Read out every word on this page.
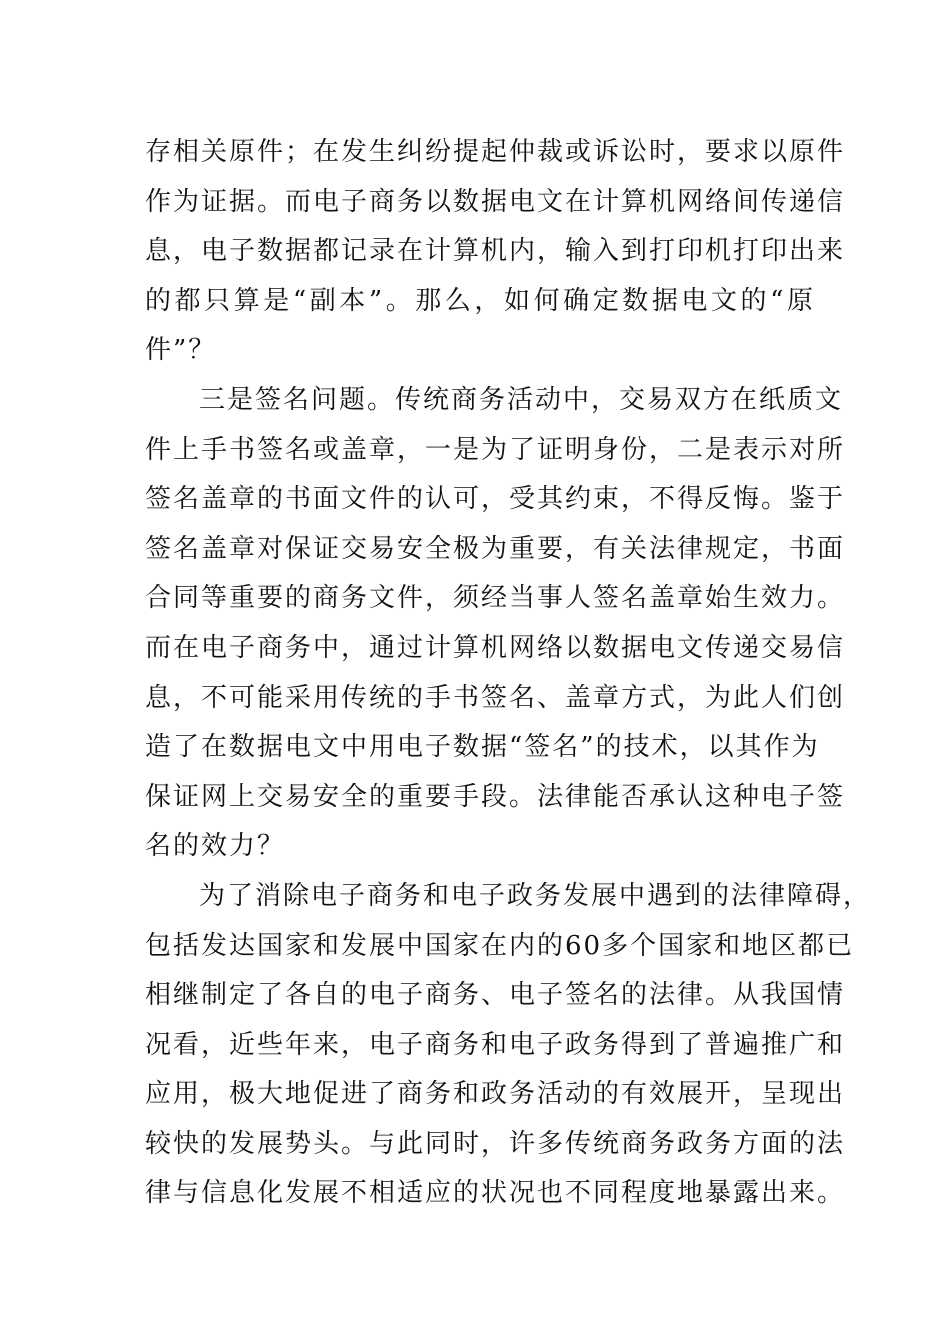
存相关原件；在发生纠纷提起仲裁或诉讼时，要求以原件
作为证据。而电子商务以数据电文在计算机网络间传递信
息，电子数据都记录在计算机内，输入到打印机打印出来
的都只算是“副本”。那么，如何确定数据电文的“原
件”？
三是签名问题。传统商务活动中，交易双方在纸质文
件上手书签名或盖章，一是为了证明身份，二是表示对所
签名盖章的书面文件的认可，受其约束，不得反悔。鉴于
签名盖章对保证交易安全极为重要，有关法律规定，书面
合同等重要的商务文件，须经当事人签名盖章始生效力。
而在电子商务中，通过计算机网络以数据电文传递交易信
息，不可能采用传统的手书签名、盖章方式，为此人们创
造了在数据电文中用电子数据“签名”的技术，以其作为
保证网上交易安全的重要手段。法律能否承认这种电子签
名的效力？
为了消除电子商务和电子政务发展中遇到的法律障碍，
包括发达国家和发展中国家在内的60多个国家和地区都已
相继制定了各自的电子商务、电子签名的法律。从我国情
况看，近些年来，电子商务和电子政务得到了普遍推广和
应用，极大地促进了商务和政务活动的有效展开，呈现出
较快的发展势头。与此同时，许多传统商务政务方面的法
律与信息化发展不相适应的状况也不同程度地暴露出来。
